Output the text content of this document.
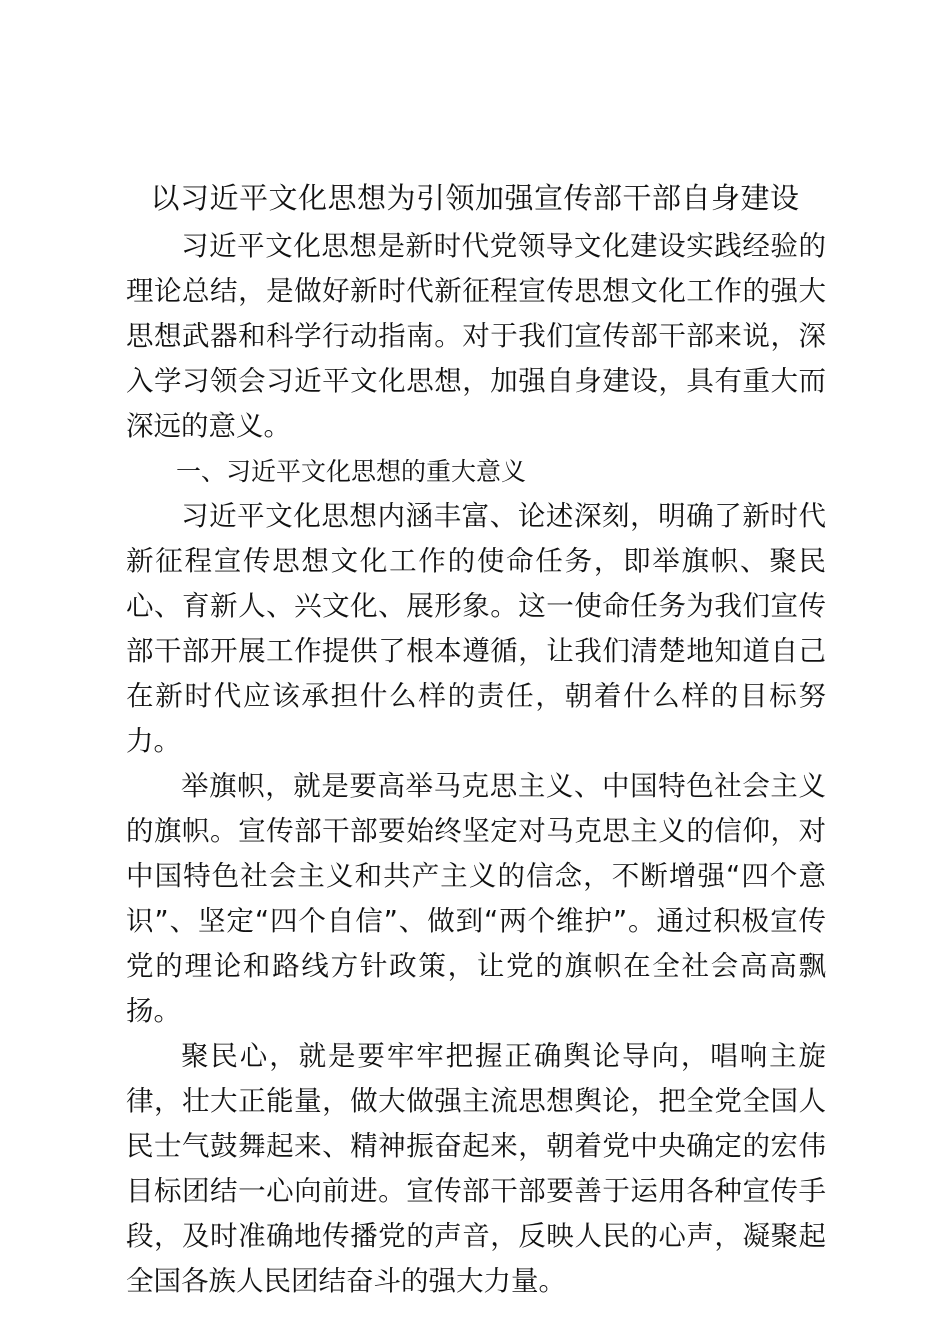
以习近平文化思想为引领加强宣传部干部自身建设

习近平文化思想是新时代党领导文化建设实践经验的理论总结，是做好新时代新征程宣传思想文化工作的强大思想武器和科学行动指南。对于我们宣传部干部来说，深入学习领会习近平文化思想，加强自身建设，具有重大而深远的意义。

一、习近平文化思想的重大意义

习近平文化思想内涵丰富、论述深刻，明确了新时代新征程宣传思想文化工作的使命任务，即举旗帜、聚民心、育新人、兴文化、展形象。这一使命任务为我们宣传部干部开展工作提供了根本遵循，让我们清楚地知道自己在新时代应该承担什么样的责任，朝着什么样的目标努力。

举旗帜，就是要高举马克思主义、中国特色社会主义的旗帜。宣传部干部要始终坚定对马克思主义的信仰，对中国特色社会主义和共产主义的信念，不断增强“四个意识”、坚定“四个自信”、做到“两个维护”。通过积极宣传党的理论和路线方针政策，让党的旗帜在全社会高高飘扬。

聚民心，就是要牢牢把握正确舆论导向，唱响主旋律，壮大正能量，做大做强主流思想舆论，把全党全国人民士气鼓舞起来、精神振奋起来，朝着党中央确定的宏伟目标团结一心向前进。宣传部干部要善于运用各种宣传手段，及时准确地传播党的声音，反映人民的心声，凝聚起全国各族人民团结奋斗的强大力量。
